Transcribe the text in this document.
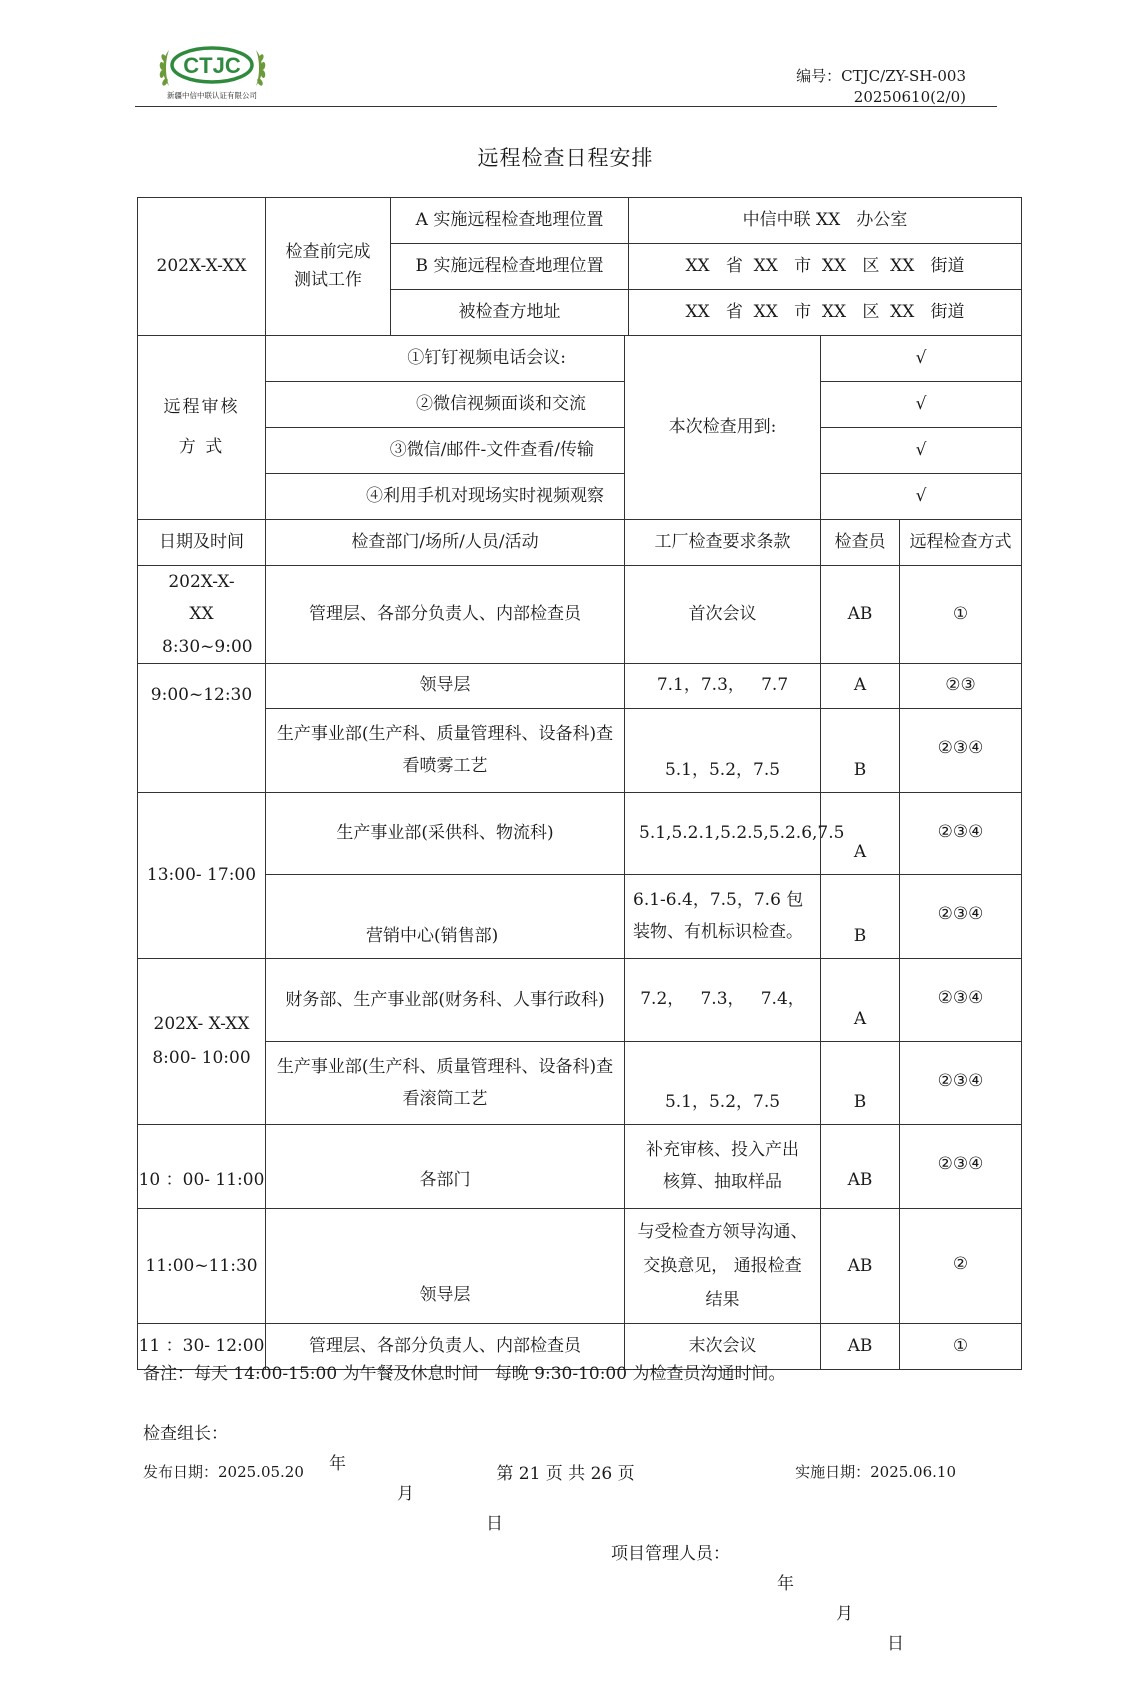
CTJC
新疆中信中联认证有限公司
编号：CTJC/ZY-SH-003
20250610(2/0)
远程检查日程安排
202X-X-XX	检查前完成测试工作	A 实施远程检查地理位置		中信中联 XX   办公室		
		B 实施远程检查地理位置		XX   省  XX   市  XX   区  XX   街道		
		被检查方地址		XX   省  XX   市  XX   区  XX   街道		
远程审核方 式	①钉钉视频电话会议:		本次检查用到:		√	
	②微信视频面谈和交流				√	
	③微信/邮件-文件查看/传输				√	
	④利用手机对现场实时视频观察				√	
日期及时间	检查部门/场所/人员/活动		工厂检查要求条款		检查员	远程检查方式
202X-X-XX 8:30~9:00	管理层、各部分负责人、内部检查员		首次会议		AB	①
9:00~12:30	领导层		7.1，7.3，   7.7		A	②③
	生产事业部(生产科、质量管理科、设备科)查看喷雾工艺		5.1，5.2，7.5		B	②③④
13:00- 17:00	生产事业部(采供科、物流科)		5.1,5.2.1,5.2.5,5.2.6,7.5		A	②③④
	营销中心(销售部)		6.1-6.4，7.5，7.6 包装物、有机标识检查。		B	②③④
202X- X-XX 8:00- 10:00	财务部、生产事业部(财务科、人事行政科)		7.2，   7.3，   7.4，		A	②③④
	生产事业部(生产科、质量管理科、设备科)查看滚筒工艺		5.1，5.2，7.5		B	②③④
10 ：00- 11:00	各部门		补充审核、投入产出核算、抽取样品		AB	②③④
11:00~11:30	领导层		与受检查方领导沟通、交换意见， 通报检查结果		AB	②
11 ：30- 12:00	管理层、各部分负责人、内部检查员		末次会议		AB	①
备注：每天 14:00-15:00 为午餐及休息时间   每晚 9:30-10:00 为检查员沟通时间。

检查组长：

年

月

日

项目管理人员：

年

月

日

发布日期：2025.05.20	第 21 页 共 26 页	实施日期：2025.06.10
